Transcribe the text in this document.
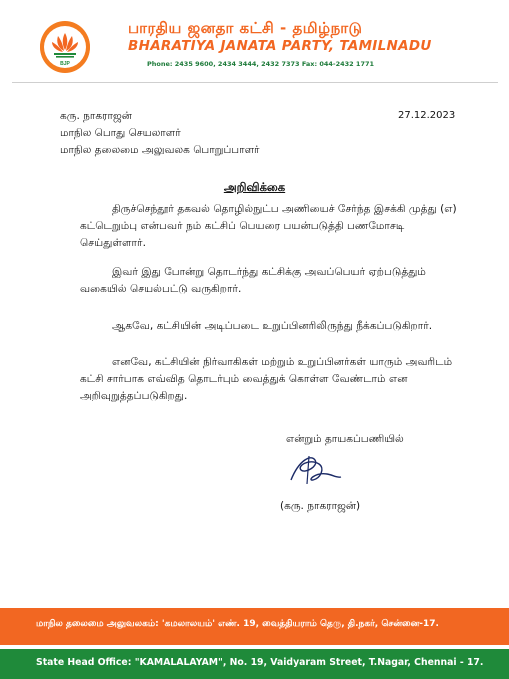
BJP
பாரதிய ஜனதா கட்சி - தமிழ்நாடு
BHARATIYA JANATA PARTY, TAMILNADU
Phone: 2435 9600, 2434 3444, 2432 7373 Fax: 044-2432 1771
கரு. நாகராஜன்	27.12.2023
மாநில பொது செயலாளர்
மாநில தலைமை அலுவலக பொறுப்பாளர்
அறிவிக்கை
திருச்செந்தூர் தகவல் தொழில்நுட்ப அணியைச் சேர்ந்த இசக்கி முத்து (எ) கட்டெறும்பு என்பவர் நம் கட்சிப் பெயரை பயன்படுத்தி பணமோசடி செய்துள்ளார்.
இவர் இது போன்று தொடர்ந்து கட்சிக்கு அவப்பெயர் ஏற்படுத்தும் வகையில் செயல்பட்டு வருகிறார்.
ஆகவே, கட்சியின் அடிப்படை உறுப்பினரிலிருந்து நீக்கப்படுகிறார்.
எனவே, கட்சியின் நிர்வாகிகள் மற்றும் உறுப்பினர்கள் யாரும் அவரிடம் கட்சி சார்பாக எவ்வித தொடர்பும் வைத்துக் கொள்ள வேண்டாம் என அறிவுறுத்தப்படுகிறது.
என்றும் தாயகப்பணியில்
(கரு. நாகராஜன்)
மாநில தலைமை அலுவலகம்: 'கமலாலயம்' எண். 19, வைத்தியராம் தெரு, தி.நகர், சென்னை-17.
State Head Office: "KAMALALAYAM", No. 19, Vaidyaram Street, T.Nagar, Chennai - 17.
